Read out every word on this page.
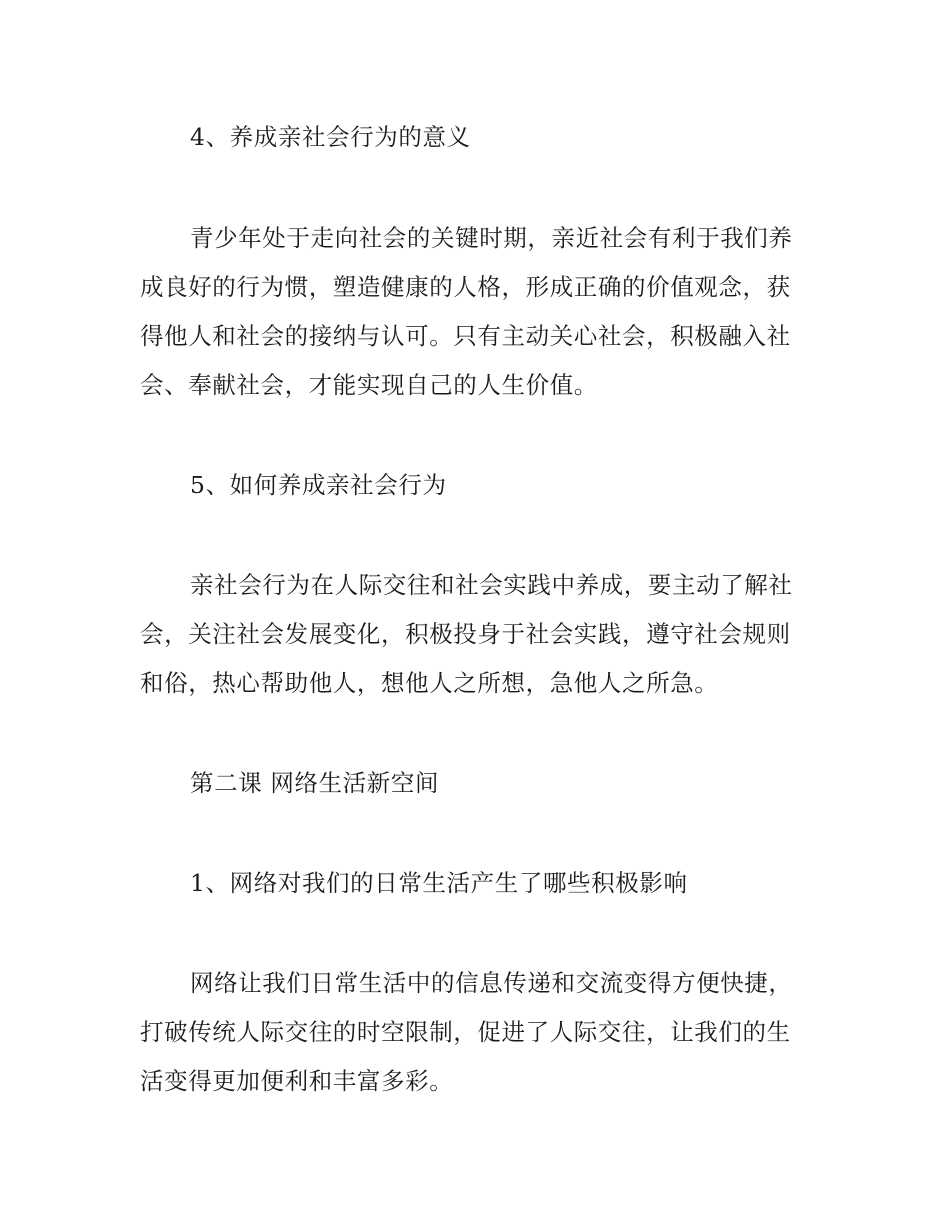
4、养成亲社会行为的意义
青少年处于走向社会的关键时期，亲近社会有利于我们养
成良好的行为惯，塑造健康的人格，形成正确的价值观念，获
得他人和社会的接纳与认可。只有主动关心社会，积极融入社
会、奉献社会，才能实现自己的人生价值。
5、如何养成亲社会行为
亲社会行为在人际交往和社会实践中养成，要主动了解社
会，关注社会发展变化，积极投身于社会实践，遵守社会规则
和俗，热心帮助他人，想他人之所想，急他人之所急。
第二课 网络生活新空间
1、网络对我们的日常生活产生了哪些积极影响
网络让我们日常生活中的信息传递和交流变得方便快捷，
打破传统人际交往的时空限制，促进了人际交往，让我们的生
活变得更加便利和丰富多彩。
